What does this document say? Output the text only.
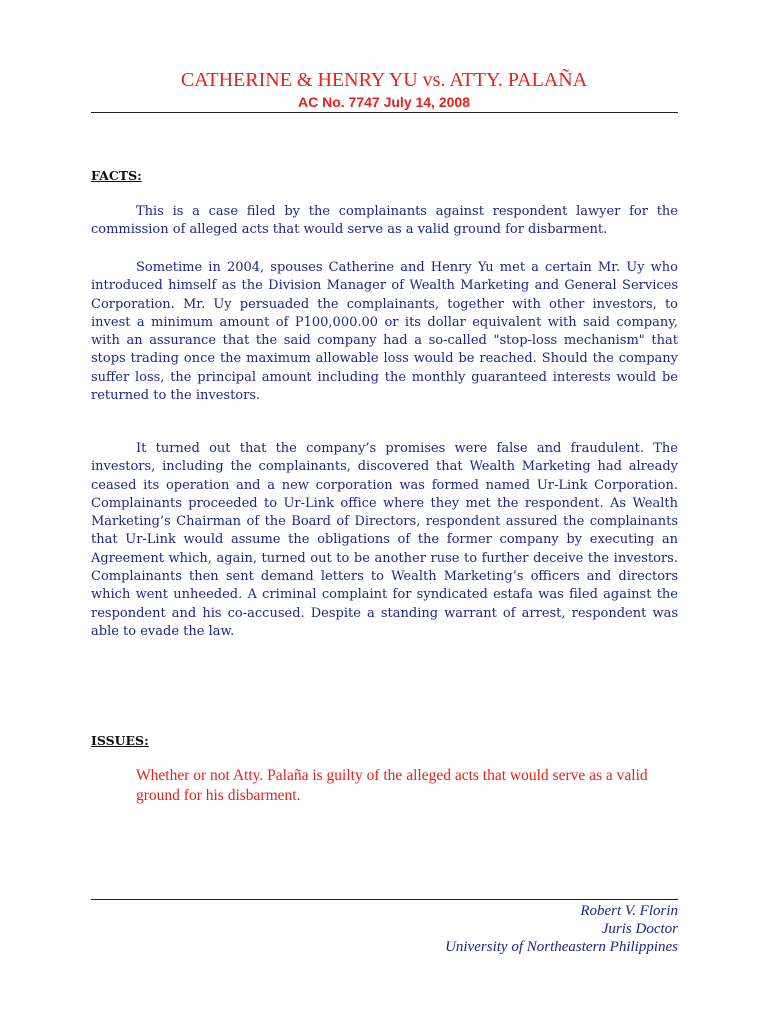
CATHERINE & HENRY YU vs. ATTY. PALAÑA
AC No. 7747 July 14, 2008
FACTS:

This is a case filed by the complainants against respondent lawyer for the commission of alleged acts that would serve as a valid ground for disbarment.

Sometime in 2004, spouses Catherine and Henry Yu met a certain Mr. Uy who introduced himself as the Division Manager of Wealth Marketing and General Services Corporation. Mr. Uy persuaded the complainants, together with other investors, to invest a minimum amount of P100,000.00 or its dollar equivalent with said company, with an assurance that the said company had a so-called "stop-loss mechanism" that stops trading once the maximum allowable loss would be reached. Should the company suffer loss, the principal amount including the monthly guaranteed interests would be returned to the investors.

It turned out that the company’s promises were false and fraudulent. The investors, including the complainants, discovered that Wealth Marketing had already ceased its operation and a new corporation was formed named Ur-Link Corporation. Complainants proceeded to Ur-Link office where they met the respondent. As Wealth Marketing’s Chairman of the Board of Directors, respondent assured the complainants that Ur-Link would assume the obligations of the former company by executing an Agreement which, again, turned out to be another ruse to further deceive the investors. Complainants then sent demand letters to Wealth Marketing’s officers and directors which went unheeded. A criminal complaint for syndicated estafa was filed against the respondent and his co-accused. Despite a standing warrant of arrest, respondent was able to evade the law.

ISSUES:

Whether or not Atty. Palaña is guilty of the alleged acts that would serve as a valid ground for his disbarment.

Robert V. Florin
Juris Doctor
University of Northeastern Philippines
